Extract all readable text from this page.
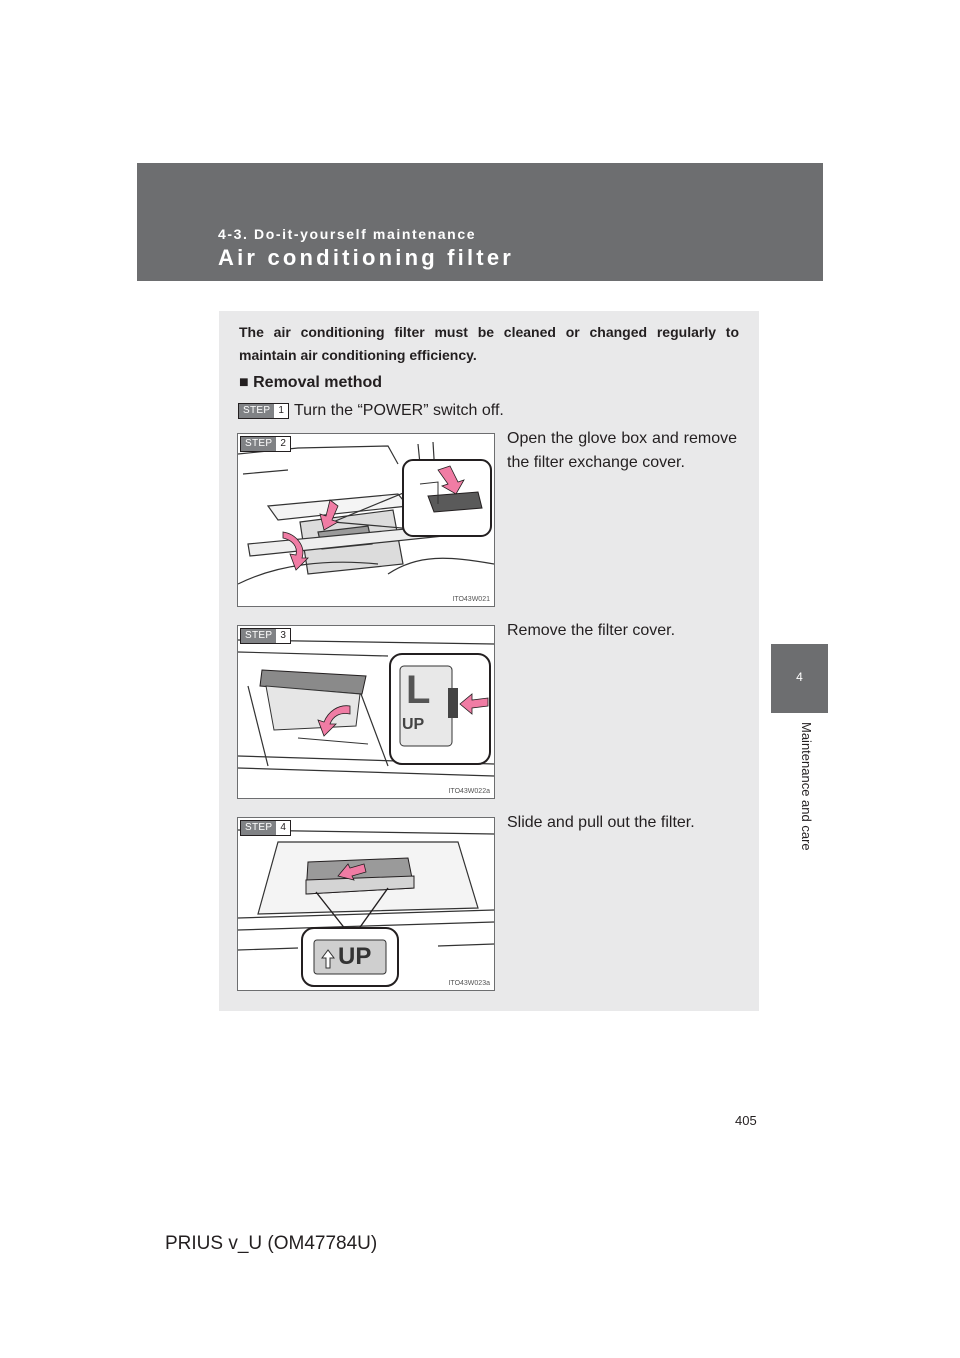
4-3. Do-it-yourself maintenance
Air conditioning filter
4
Maintenance and care
The air conditioning filter must be cleaned or changed regularly to maintain air conditioning efficiency.
■ Removal method
STEP 1 Turn the “POWER” switch off.
STEP 2
ITO43W021
Open the glove box and remove the filter exchange cover.
STEP 3
L
UP
ITO43W022a
Remove the filter cover.
STEP 4
UP
ITO43W023a
Slide and pull out the filter.
405
PRIUS v_U (OM47784U)
